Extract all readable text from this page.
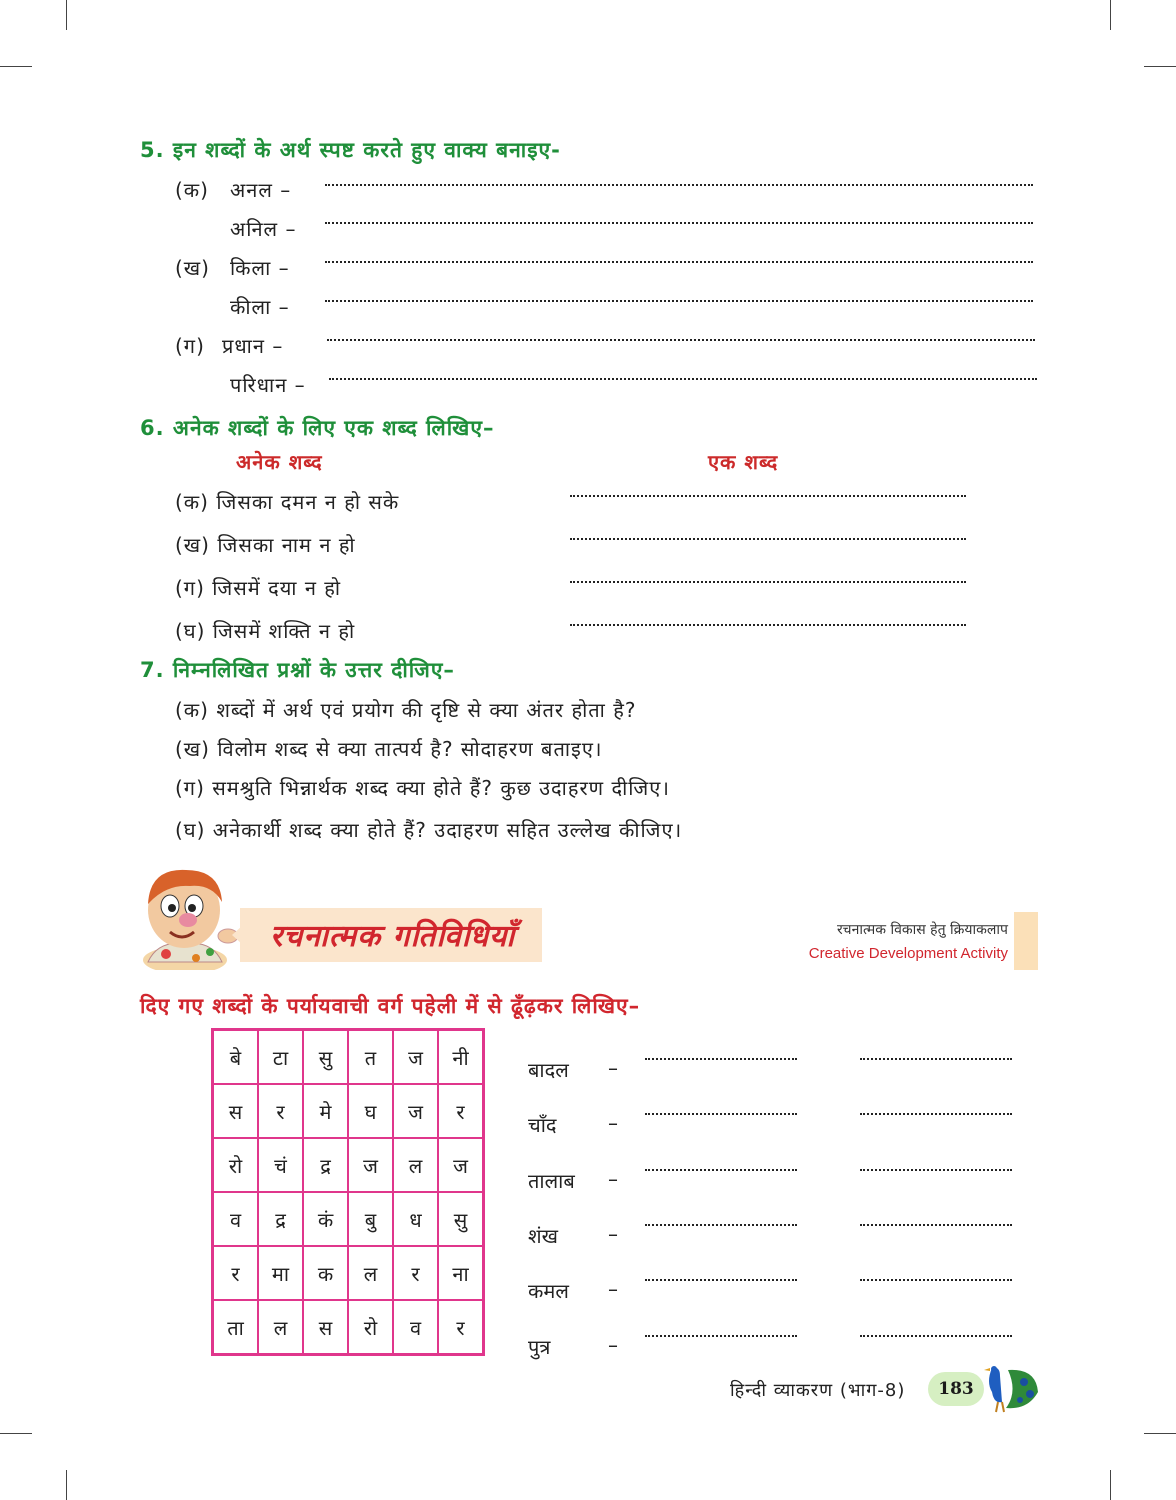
5. इन शब्दों के अर्थ स्पष्ट करते हुए वाक्य बनाइए-
(क) अनल –
अनिल –
(ख) किला –
कीला –
(ग) प्रधान –
परिधान –
6. अनेक शब्दों के लिए एक शब्द लिखिए–
अनेक शब्द	एक शब्द
(क) जिसका दमन न हो सके
(ख) जिसका नाम न हो
(ग) जिसमें दया न हो
(घ) जिसमें शक्ति न हो
7. निम्नलिखित प्रश्नों के उत्तर दीजिए–
(क) शब्दों में अर्थ एवं प्रयोग की दृष्टि से क्या अंतर होता है?
(ख) विलोम शब्द से क्या तात्पर्य है? सोदाहरण बताइए।
(ग) समश्रुति भिन्नार्थक शब्द क्या होते हैं? कुछ उदाहरण दीजिए।
(घ) अनेकार्थी शब्द क्या होते हैं? उदाहरण सहित उल्लेख कीजिए।
रचनात्मक गतिविधियाँ	रचनात्मक विकास हेतु क्रियाकलाप
Creative Development Activity
दिए गए शब्दों के पर्यायवाची वर्ग पहेली में से ढूँढ़कर लिखिए–
बे	टा	सु	त	ज	नी
स	र	मे	घ	ज	र
रो	चं	द्र	ज	ल	ज
व	द्र	कं	बु	ध	सु
र	मा	क	ल	र	ना
ता	ल	स	रो	व	र
बादल –
चाँद	–
तालाब –
शंख	–
कमल –
पुत्र	–
हिन्दी व्याकरण (भाग-8)	183
